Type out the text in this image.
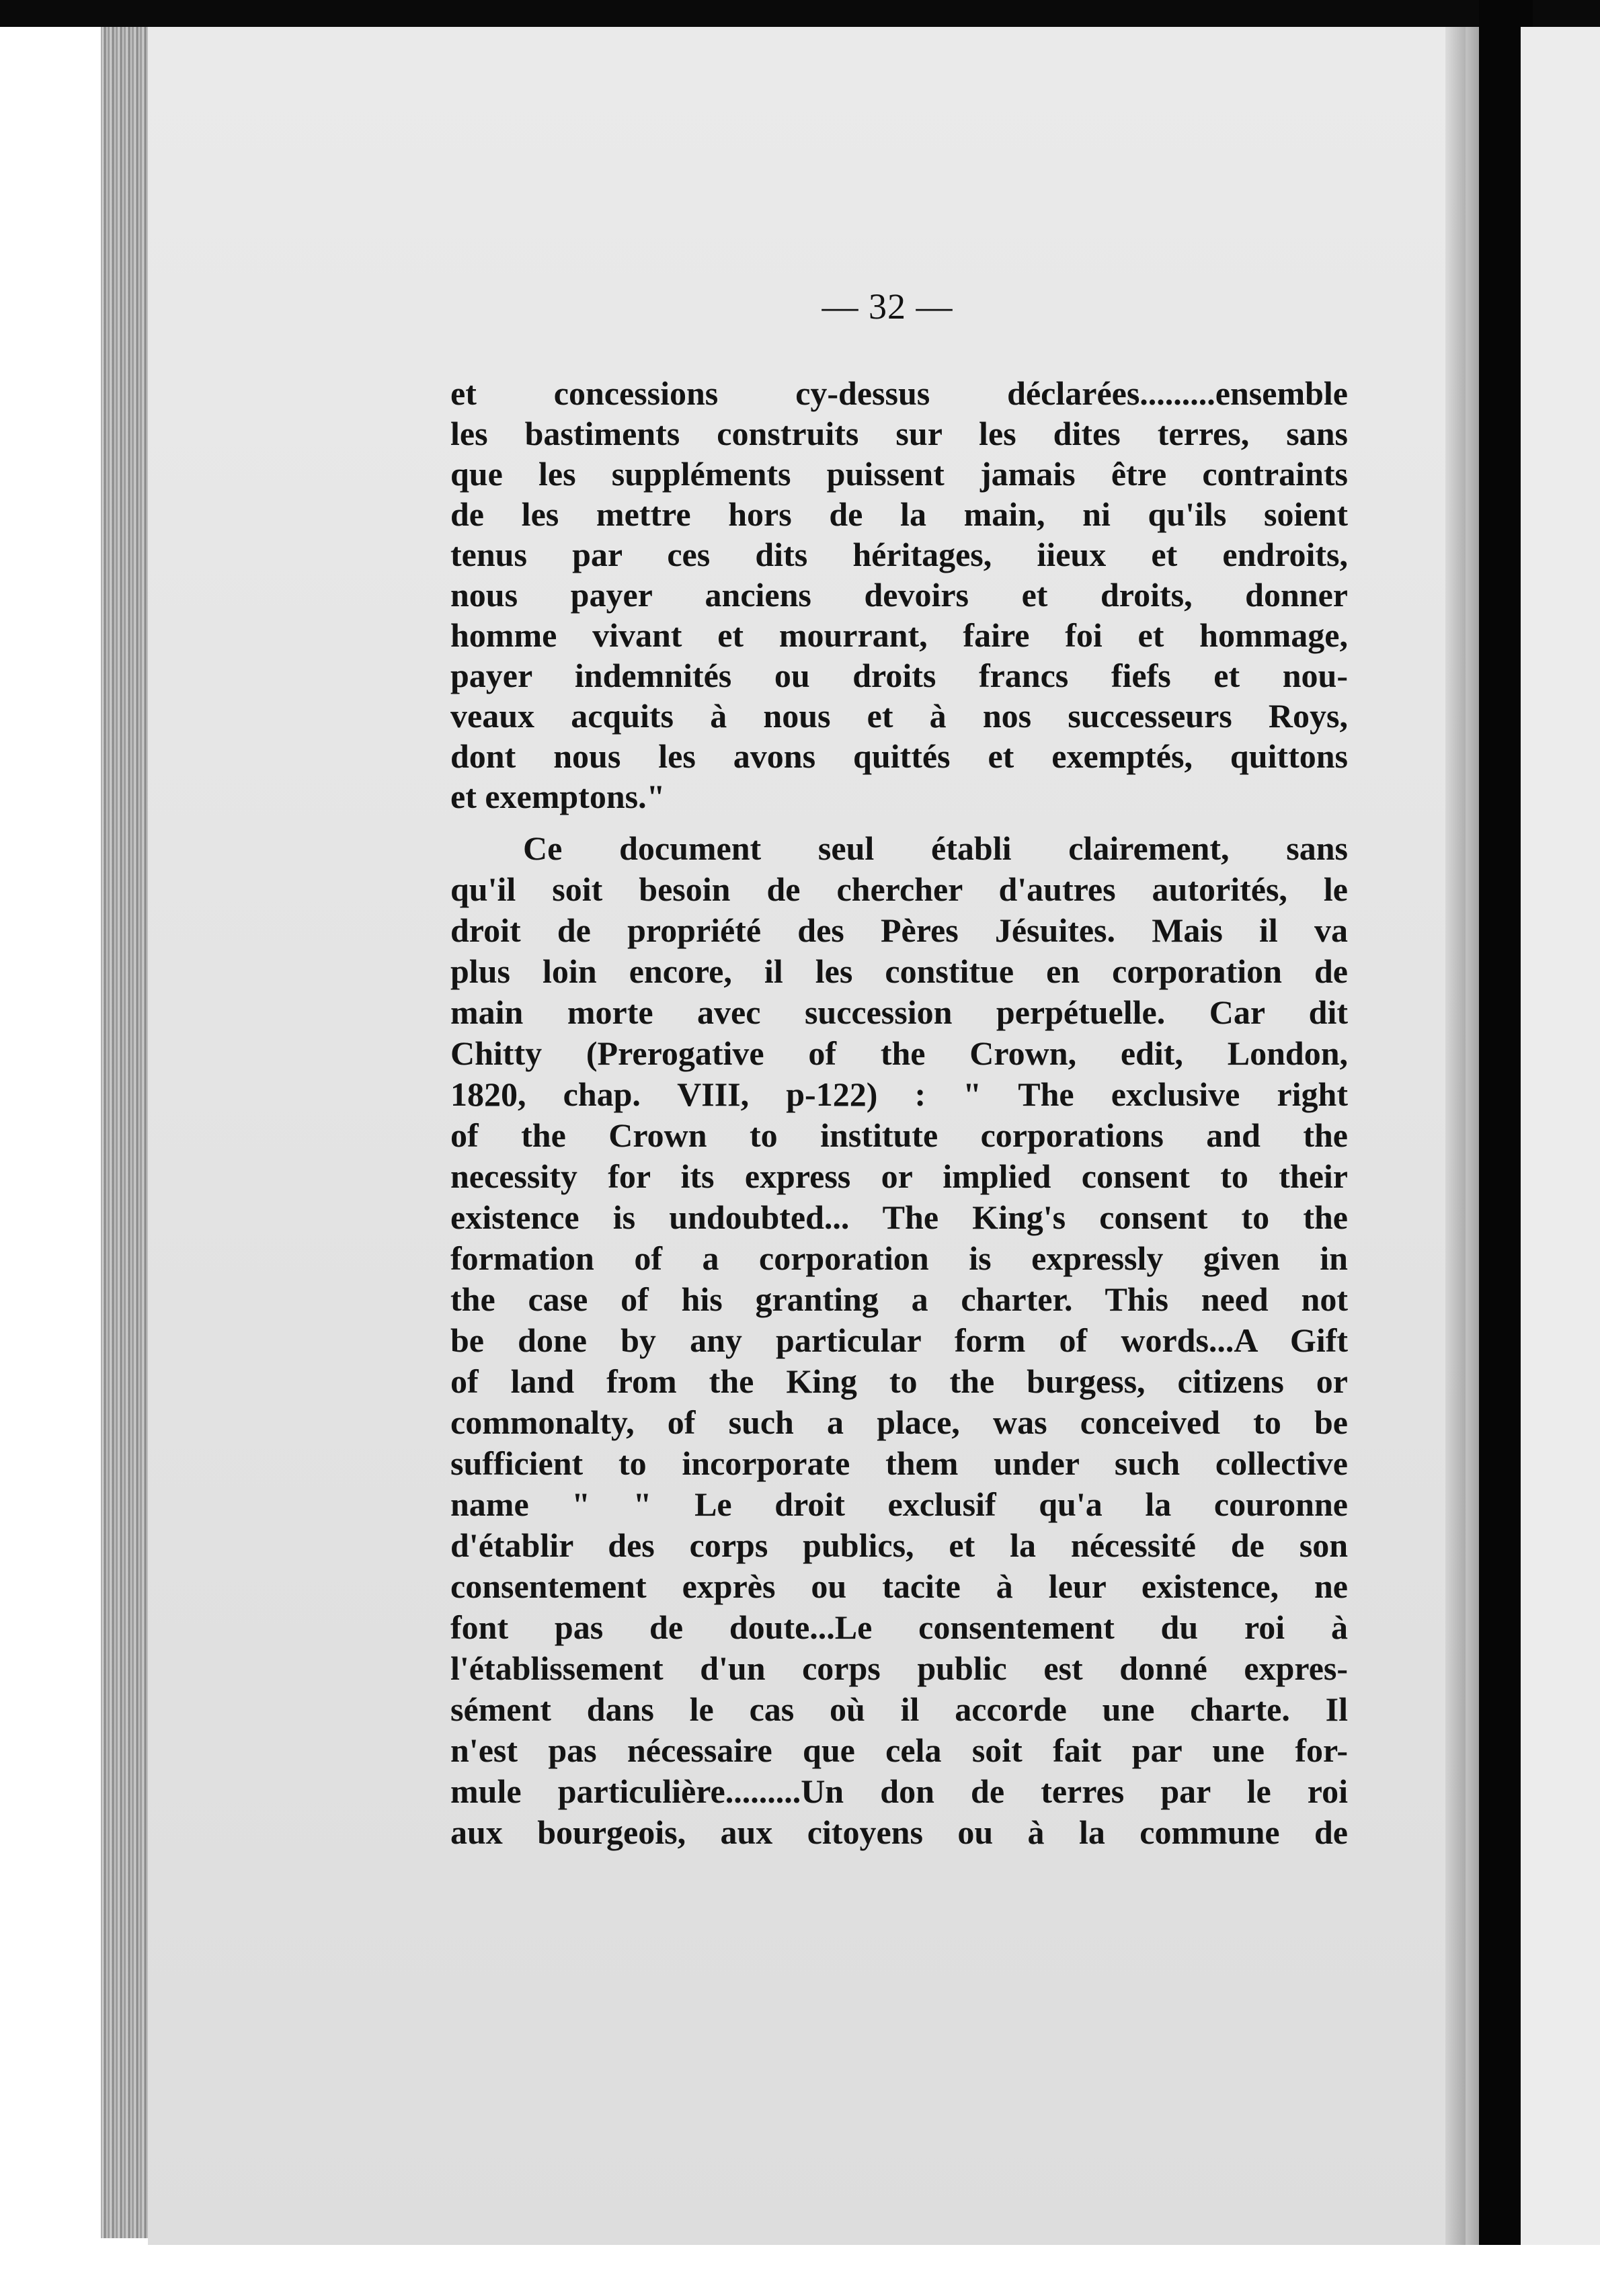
— 32 —
et concessions cy-dessus déclarées.........ensemble
les bastiments construits sur les dites terres, sans
que les suppléments puissent jamais être contraints
de les mettre hors de la main, ni qu'ils soient
tenus par ces dits héritages, iieux et endroits,
nous payer anciens devoirs et droits, donner
homme vivant et mourrant, faire foi et hommage,
payer indemnités ou droits francs fiefs et nou-
veaux acquits à nous et à nos successeurs Roys,
dont nous les avons quittés et exemptés, quittons
et exemptons."
Ce document seul établi clairement, sans
qu'il soit besoin de chercher d'autres autorités, le
droit de propriété des Pères Jésuites. Mais il va
plus loin encore, il les constitue en corporation de
main morte avec succession perpétuelle. Car dit
Chitty (Prerogative of the Crown, edit, London,
1820, chap. VIII, p-122) : " The exclusive right
of the Crown to institute corporations and the
necessity for its express or implied consent to their
existence is undoubted... The King's consent to the
formation of a corporation is expressly given in
the case of his granting a charter. This need not
be done by any particular form of words...A Gift
of land from the King to the burgess, citizens or
commonalty, of such a place, was conceived to be
sufficient to incorporate them under such collective
name " " Le droit exclusif qu'a la couronne
d'établir des corps publics, et la nécessité de son
consentement exprès ou tacite à leur existence, ne
font pas de doute...Le consentement du roi à
l'établissement d'un corps public est donné expres-
sément dans le cas où il accorde une charte. Il
n'est pas nécessaire que cela soit fait par une for-
mule particulière.........Un don de terres par le roi
aux bourgeois, aux citoyens ou à la commune de
